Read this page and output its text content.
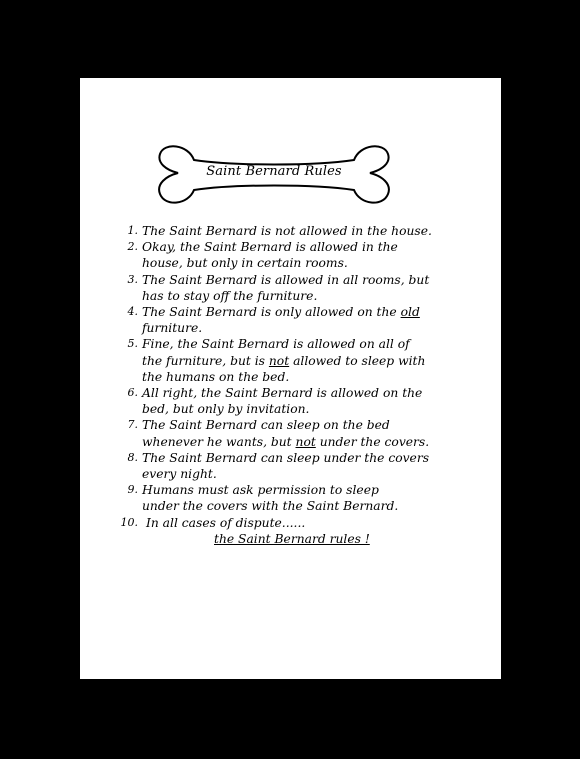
Saint Bernard Rules
1. The Saint Bernard is not allowed in the house.
2. Okay, the Saint Bernard is allowed in the
house, but only in certain rooms.
3. The Saint Bernard is allowed in all rooms, but
has to stay off the furniture.
4. The Saint Bernard is only allowed on the old
furniture.
5. Fine, the Saint Bernard is allowed on all of
the furniture, but is not allowed to sleep with
the humans on the bed.
6. All right, the Saint Bernard is allowed on the
bed, but only by invitation.
7. The Saint Bernard can sleep on the bed
whenever he wants, but not under the covers.
8. The Saint Bernard can sleep under the covers
every night.
9. Humans must ask permission to sleep
under the covers with the Saint Bernard.
10. In all cases of dispute......
the Saint Bernard rules !
